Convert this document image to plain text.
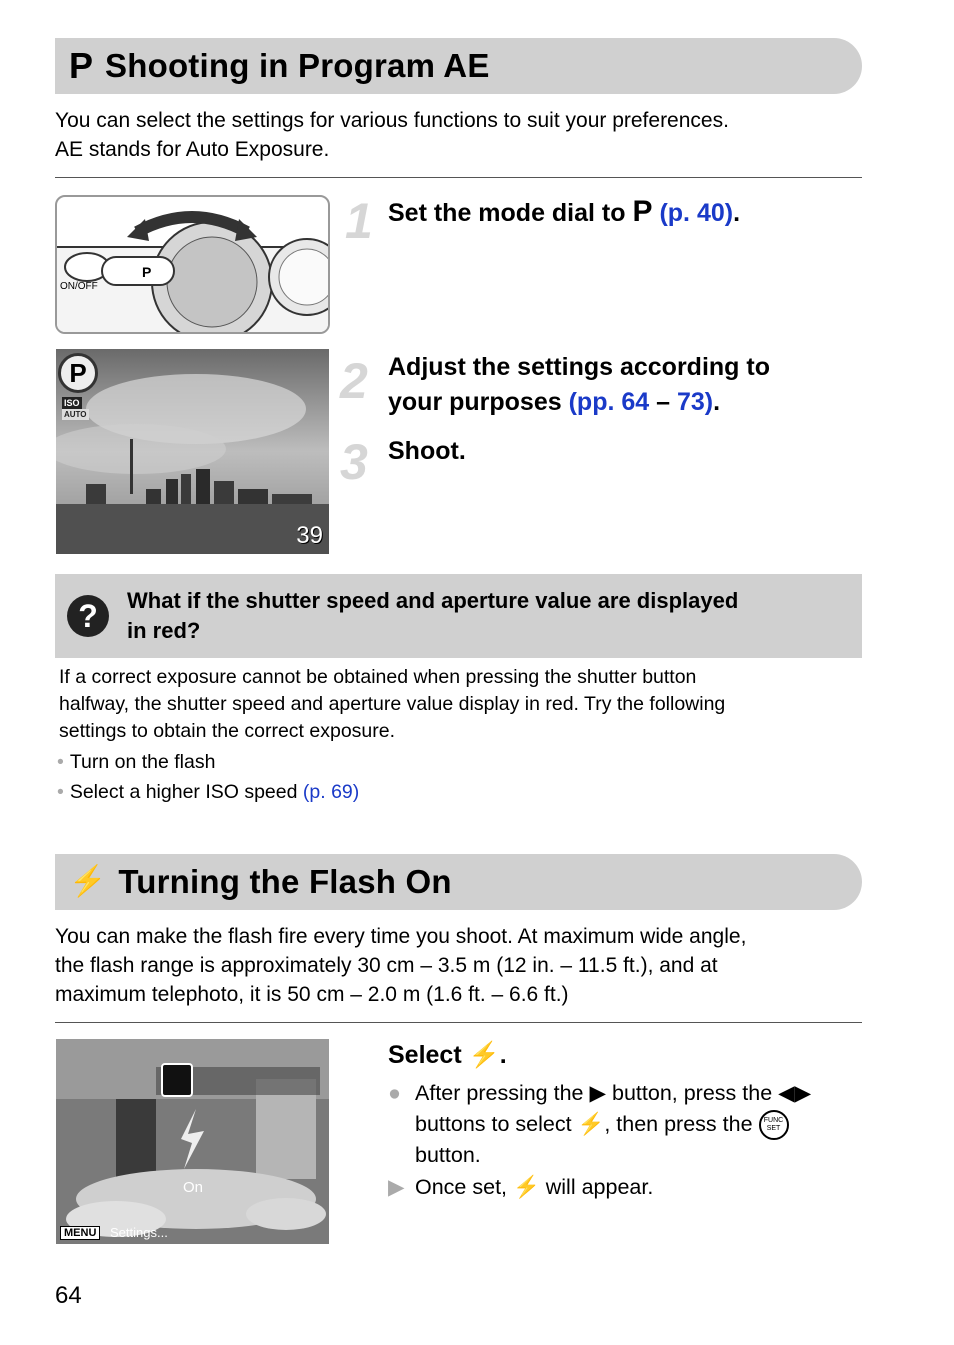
P Shooting in Program AE
You can select the settings for various functions to suit your preferences.
AE stands for Auto Exposure.
P
ON/OFF
1 Set the mode dial to P (p. 40).
P
ISO
AUTO
39
2 Adjust the settings according to
your purposes (pp. 64 – 73).
3 Shoot.
?	What if the shutter speed and aperture value are displayed
in red?
If a correct exposure cannot be obtained when pressing the shutter button
halfway, the shutter speed and aperture value display in red. Try the following
settings to obtain the correct exposure.
• Turn on the flash
• Select a higher ISO speed (p. 69)
⚡ Turning the Flash On
You can make the flash fire every time you shoot. At maximum wide angle,
the flash range is approximately 30 cm – 3.5 m (12 in. – 11.5 ft.), and at
maximum telephoto, it is 50 cm – 2.0 m (1.6 ft. – 6.6 ft.)
On
MENU	Settings...
Select ⚡.
● After pressing the ▶ button, press the ◀▶
buttons to select ⚡, then press the FUNC
SET
button.
▶ Once set, ⚡ will appear.
64
